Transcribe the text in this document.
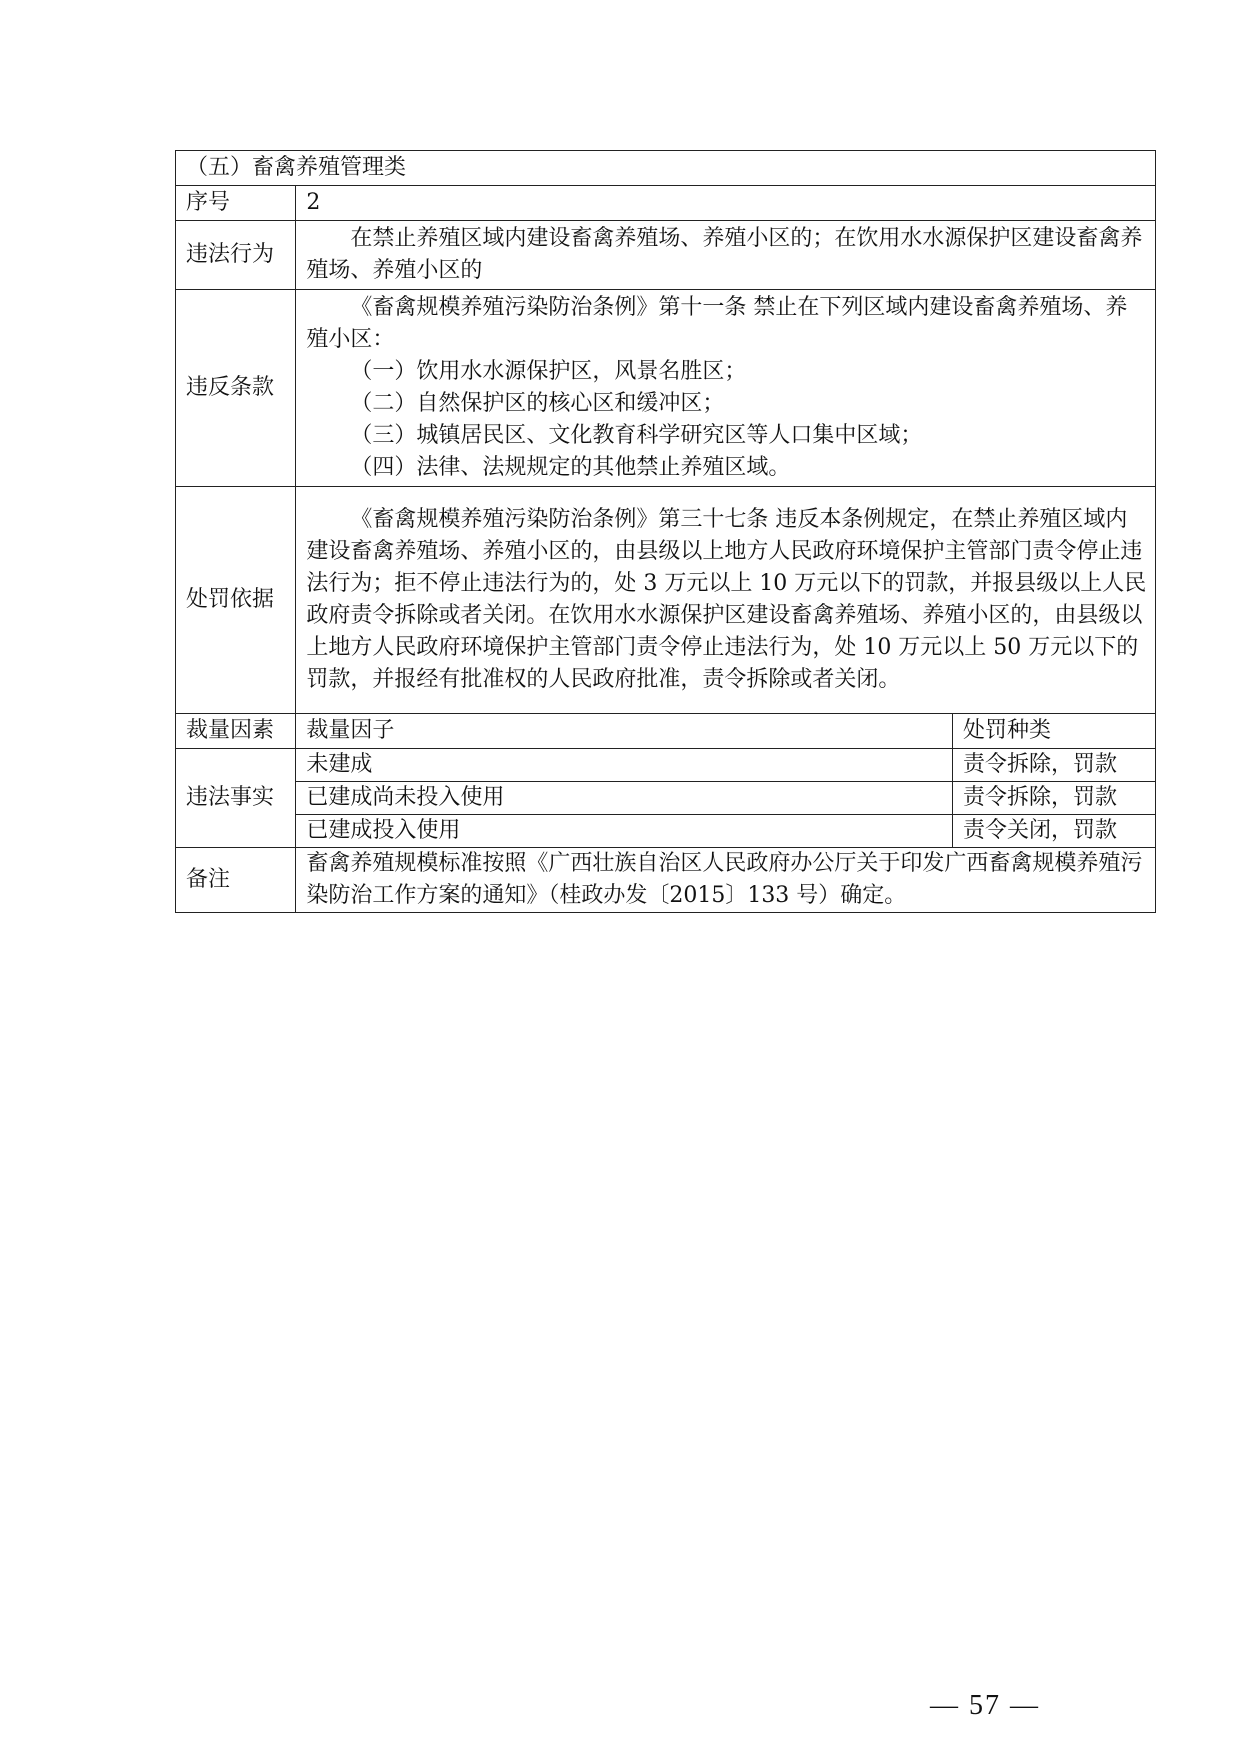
（五）畜禽养殖管理类		
序号	2	
违法行为	在禁止养殖区域内建设畜禽养殖场、养殖小区的；在饮用水水源保护区建设畜禽养殖场、养殖小区的	
违反条款	《畜禽规模养殖污染防治条例》第十一条 禁止在下列区域内建设畜禽养殖场、养殖小区：
（一）饮用水水源保护区，风景名胜区；
（二）自然保护区的核心区和缓冲区；
（三）城镇居民区、文化教育科学研究区等人口集中区域；
（四）法律、法规规定的其他禁止养殖区域。	

处罚依据	《畜禽规模养殖污染防治条例》第三十七条 违反本条例规定，在禁止养殖区域内建设畜禽养殖场、养殖小区的，由县级以上地方人民政府环境保护主管部门责令停止违法行为；拒不停止违法行为的，处 3 万元以上 10 万元以下的罚款，并报县级以上人民政府责令拆除或者关闭。在饮用水水源保护区建设畜禽养殖场、养殖小区的，由县级以上地方人民政府环境保护主管部门责令停止违法行为，处 10 万元以上 50 万元以下的罚款，并报经有批准权的人民政府批准，责令拆除或者关闭。	
裁量因素	裁量因子	处罚种类
违法事实	未建成	责令拆除，罚款
	已建成尚未投入使用	责令拆除，罚款
	已建成投入使用	责令关闭，罚款
备注	畜禽养殖规模标准按照《广西壮族自治区人民政府办公厅关于印发广西畜禽规模养殖污染防治工作方案的通知》（桂政办发〔2015〕133 号）确定。	
— 57 —
